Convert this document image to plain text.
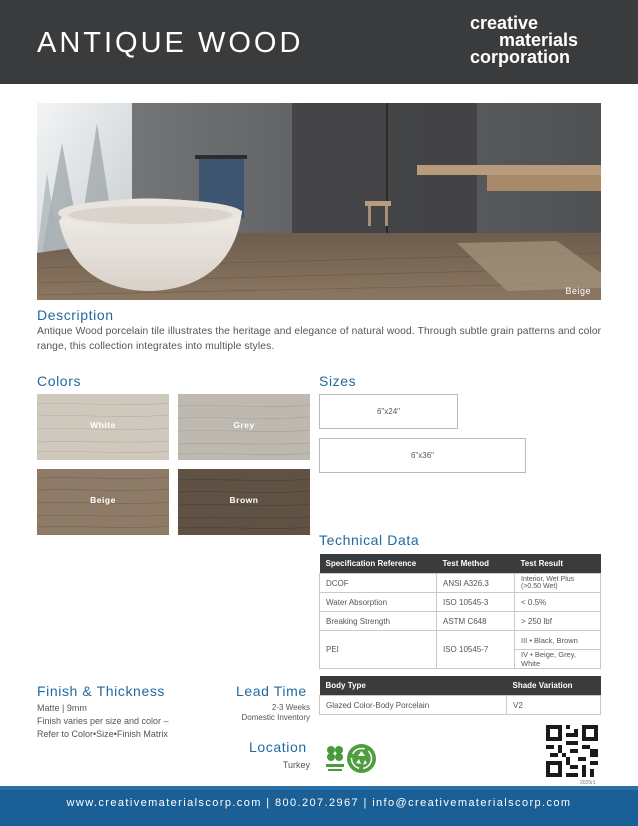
ANTIQUE WOOD
creative
materials
corporation
Beige
Description
Antique Wood porcelain tile illustrates the heritage and elegance of natural wood. Through subtle grain patterns and color range, this collection integrates into multiple styles.
Colors
White	Grey
Beige	Brown
Sizes
6"x24"
6"x36"
Technical Data
Specification Reference	Test Method	Test Result
DCOF	ANSI A326.3	Interior, Wet Plus (>0.50 Wet)
Water Absorption	ISO 10545-3	< 0.5%
Breaking Strength	ASTM C648	> 250 lbf
PEI	ISO 10545-7	III • Black, Brown
		IV • Beige, Grey, White
Body Type	Shade Variation
Glazed Color-Body Porcelain	V2
Finish & Thickness
Matte | 9mm
Finish varies per size and color –
Refer to Color•Size•Finish Matrix
Lead Time
2-3 Weeks
Domestic Inventory
Location
Turkey
2025r1
www.creativematerialscorp.com | 800.207.2967 | info@creativematerialscorp.com
